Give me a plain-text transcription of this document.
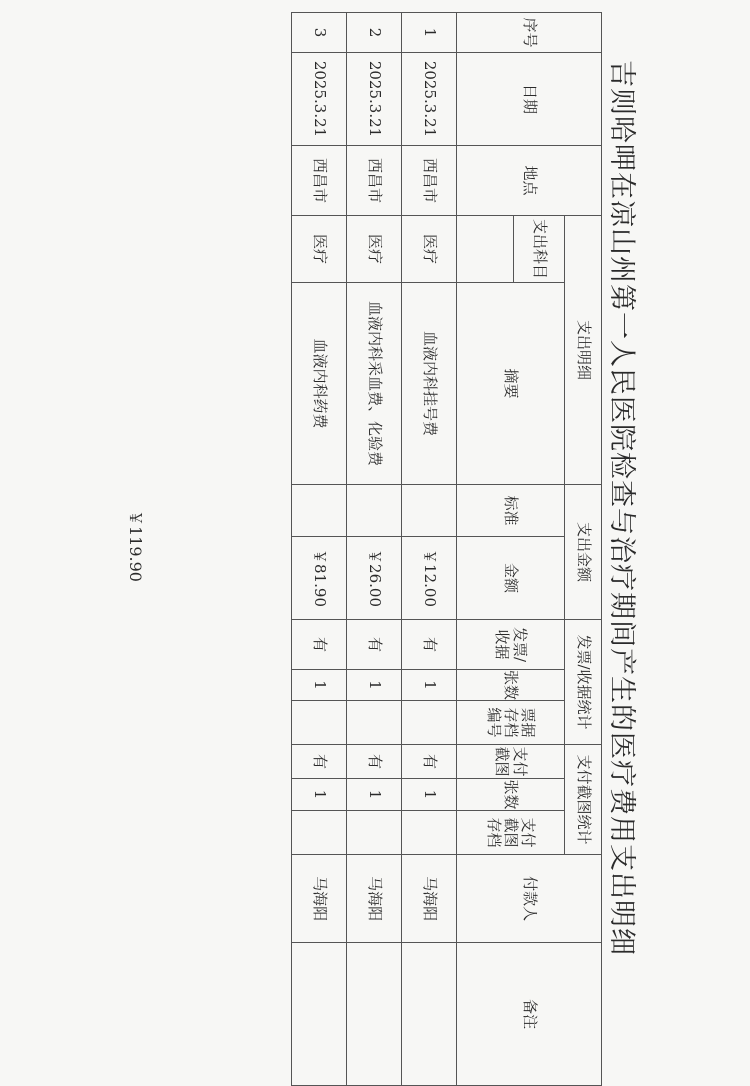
吉则哈呷在凉山州第一人民医院检查与治疗期间产生的医疗费用支出明细
序号	日期	地点	支出明细		支出金额		发票/收据统计			支付截图统计			付款人	备注
			支出科目	摘要	标准	金额	发票/收据	张数	票据存档编号	支付截图	张数	支付截图存档		

1	2025.3.21	西昌市	医疗	血液内科挂号费		￥12.00	有	1		有	1		马海阳	
2	2025.3.21	西昌市	医疗	血液内科采血费、化验费		￥26.00	有	1		有	1		马海阳	
3	2025.3.21	西昌市	医疗	血液内科药费		￥81.90	有	1		有	1		马海阳	
￥119.90
